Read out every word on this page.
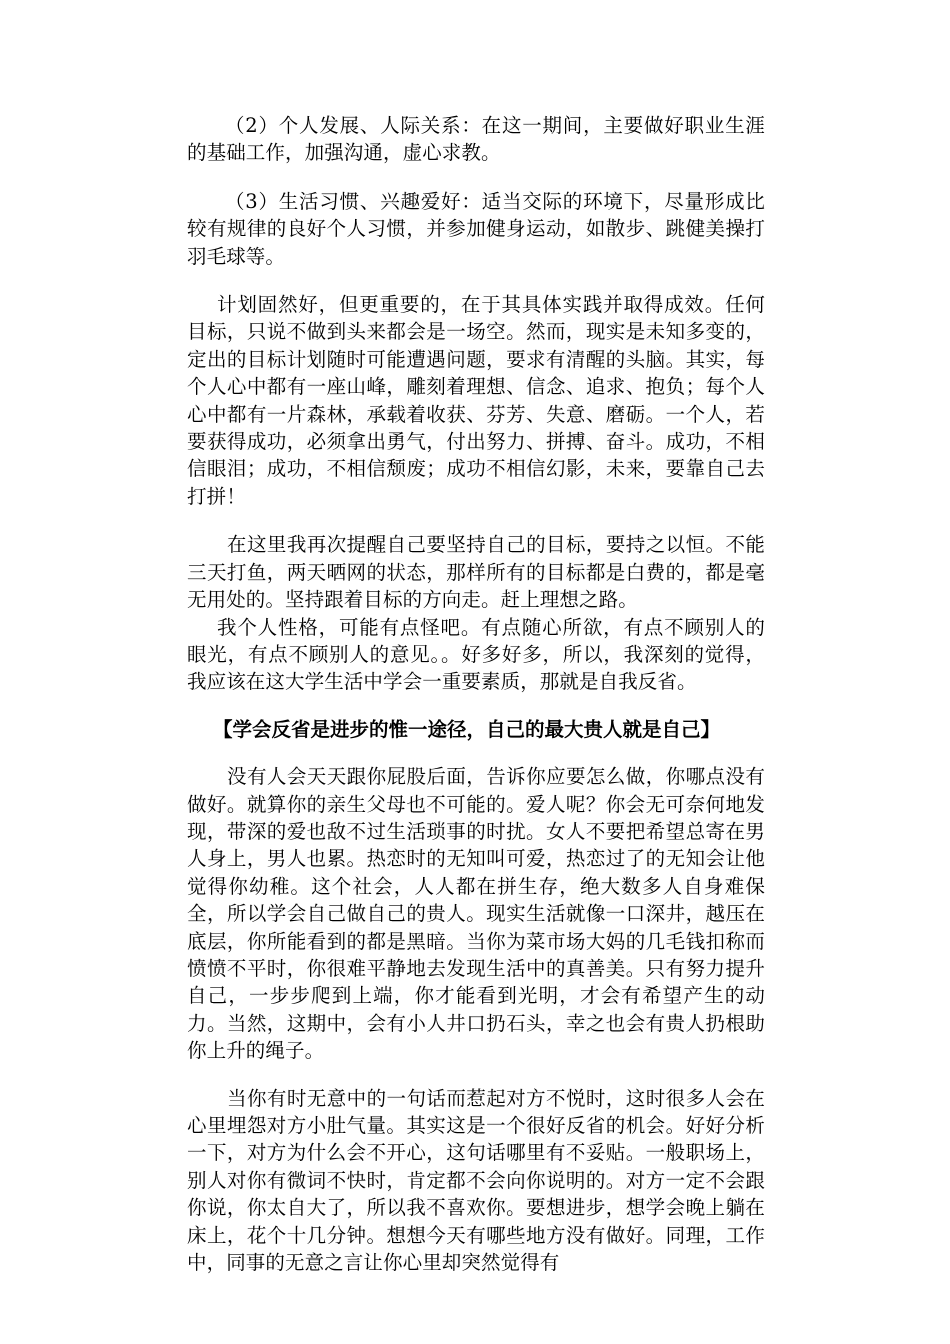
（2）个人发展、人际关系：在这一期间，主要做好职业生涯的基础工作，加强沟通，虚心求教。

（3）生活习惯、兴趣爱好：适当交际的环境下，尽量形成比较有规律的良好个人习惯，并参加健身运动，如散步、跳健美操打羽毛球等。

计划固然好，但更重要的，在于其具体实践并取得成效。任何目标，只说不做到头来都会是一场空。然而，现实是未知多变的，定出的目标计划随时可能遭遇问题，要求有清醒的头脑。其实，每个人心中都有一座山峰，雕刻着理想、信念、追求、抱负；每个人心中都有一片森林，承载着收获、芬芳、失意、磨砺。一个人，若要获得成功，必须拿出勇气，付出努力、拼搏、奋斗。成功，不相信眼泪；成功，不相信颓废；成功不相信幻影，未来，要靠自己去打拼！

在这里我再次提醒自己要坚持自己的目标，要持之以恒。不能三天打鱼，两天晒网的状态，那样所有的目标都是白费的，都是毫无用处的。坚持跟着目标的方向走。赶上理想之路。

我个人性格，可能有点怪吧。有点随心所欲，有点不顾别人的眼光，有点不顾别人的意见。。好多好多，所以，我深刻的觉得，我应该在这大学生活中学会一重要素质，那就是自我反省。

【学会反省是进步的惟一途径，自己的最大贵人就是自己】

没有人会天天跟你屁股后面，告诉你应要怎么做，你哪点没有做好。就算你的亲生父母也不可能的。爱人呢？你会无可奈何地发现，带深的爱也敌不过生活琐事的时扰。女人不要把希望总寄在男人身上，男人也累。热恋时的无知叫可爱，热恋过了的无知会让他觉得你幼稚。这个社会，人人都在拼生存，绝大数多人自身难保全，所以学会自己做自己的贵人。现实生活就像一口深井，越压在底层，你所能看到的都是黑暗。当你为菜市场大妈的几毛钱扣称而愤愤不平时，你很难平静地去发现生活中的真善美。只有努力提升自己，一步步爬到上端，你才能看到光明，才会有希望产生的动力。当然，这期中，会有小人井口扔石头，幸之也会有贵人扔根助你上升的绳子。

当你有时无意中的一句话而惹起对方不悦时，这时很多人会在心里埋怨对方小肚气量。其实这是一个很好反省的机会。好好分析一下，对方为什么会不开心，这句话哪里有不妥贴。一般职场上，别人对你有微词不快时，肯定都不会向你说明的。对方一定不会跟你说，你太自大了，所以我不喜欢你。要想进步，想学会晚上躺在床上，花个十几分钟。想想今天有哪些地方没有做好。同理，工作中，同事的无意之言让你心里却突然觉得有
